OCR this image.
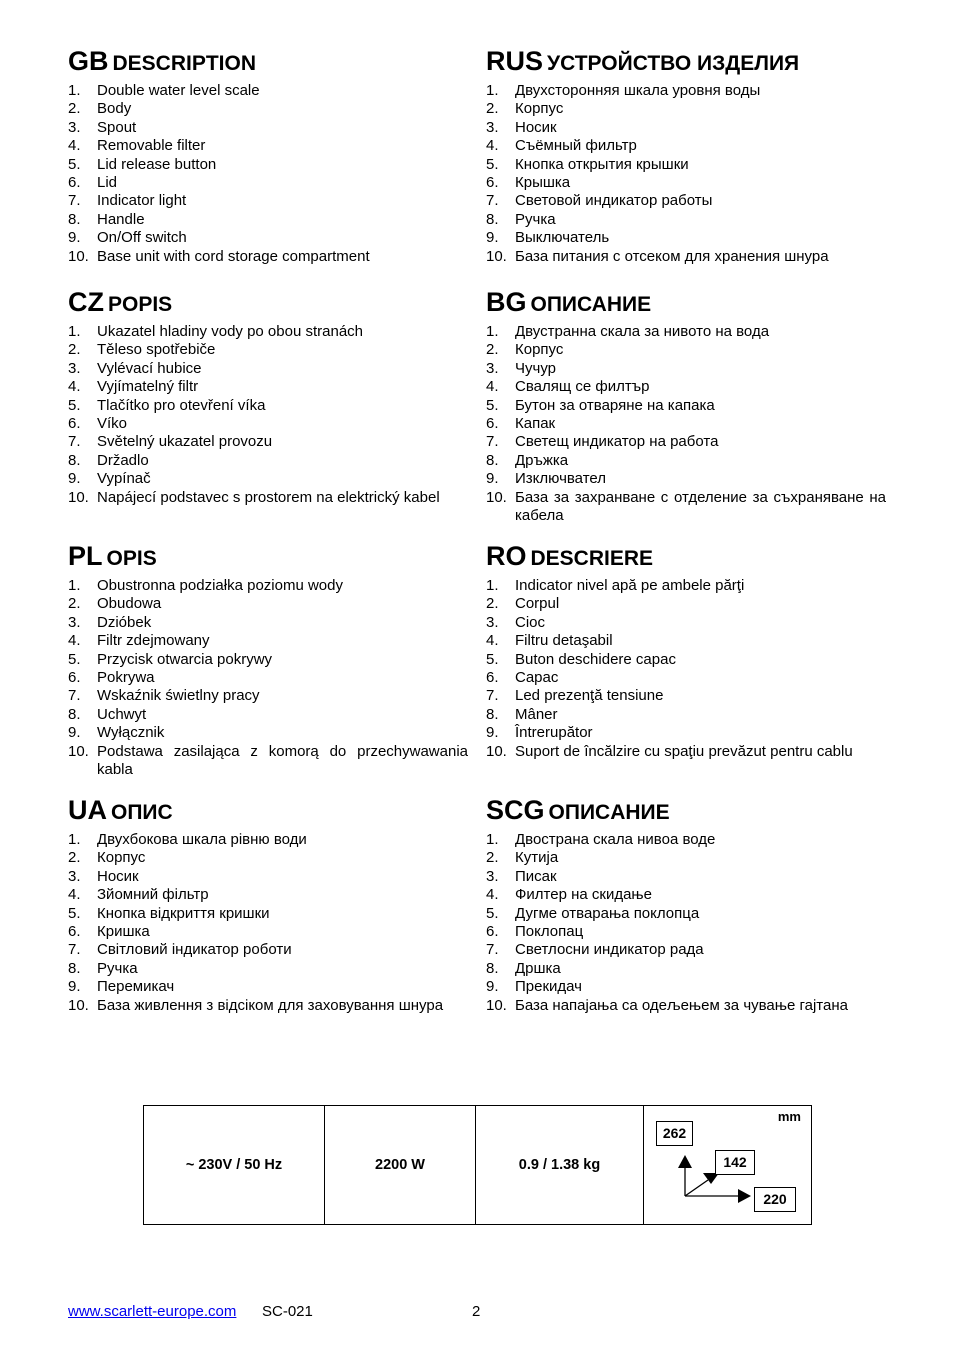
GB DESCRIPTION
1.	Double water level scale
2.	Body
3.	Spout
4.	Removable filter
5.	Lid release button
6.	Lid
7.	Indicator light
8.	Handle
9.	On/Off switch
10. Base unit with cord storage compartment
RUS УСТРОЙСТВО ИЗДЕЛИЯ
1.	Двухсторонняя шкала уровня воды
2.	Корпус
3.	Носик
4.	Съёмный фильтр
5.	Кнопка открытия крышки
6.	Крышка
7.	Световой индикатор работы
8.	Ручка
9.	Выключатель
10. База питания с отсеком для хранения шнура
CZ POPIS
1.	Ukazatel hladiny vody po obou stranách
2.	Těleso spotřebiče
3.	Vylévací hubice
4.	Vyjímatelný filtr
5.	Tlačítko pro otevření víka
6.	Víko
7.	Světelný ukazatel provozu
8.	Držadlo
9.	Vypínač
10. Napájecí podstavec s prostorem na elektrický kabel
BG ОПИСАНИЕ
1.	Двустранна скала за нивото на вода
2.	Корпус
3.	Чучур
4.	Свалящ се филтър
5.	Бутон за отваряне на капака
6.	Капак
7.	Светещ индикатор на работа
8.	Дръжка
9.	Изключвател
10. База за захранване с отделение за съхраняване на кабела
PL OPIS
1.	Obustronna podziałka poziomu wody
2.	Obudowa
3.	Dzióbek
4.	Filtr zdejmowany
5.	Przycisk otwarcia pokrywy
6.	Pokrywa
7.	Wskaźnik świetlny pracy
8.	Uchwyt
9.	Wyłącznik
10. Podstawa zasilająca z komorą do przechywawania kabla
RO DESCRIERE
1.	Indicator nivel apă pe ambele părţi
2.	Corpul
3.	Cioc
4.	Filtru detaşabil
5.	Buton deschidere capac
6.	Capac
7.	Led prezenţă tensiune
8.	Mâner
9.	Întrerupător
10. Suport de încălzire cu spaţiu prevăzut pentru cablu
UA ОПИС
1.	Двухбокова шкала рівню води
2.	Корпус
3.	Носик
4.	Зйомний фільтр
5.	Кнопка відкриття кришки
6.	Кришка
7.	Світловий індикатор роботи
8.	Ручка
9.	Перемикач
10. База живлення з відсіком для заховування шнура
SCG ОПИCАНИЕ
1.	Двострана скала нивоа воде
2.	Кутија
3.	Писак
4.	Филтер на скидање
5.	Дугме отварања поклопца
6.	Поклопац
7.	Светлосни индикатор рада
8.	Дршка
9.	Прекидач
10. База напајања са одељењем за чување гајтана
~ 230V / 50 Hz	2200 W	0.9 / 1.38 kg	
mm
262
142
220
www.scarlett-europe.com SC-021	2
